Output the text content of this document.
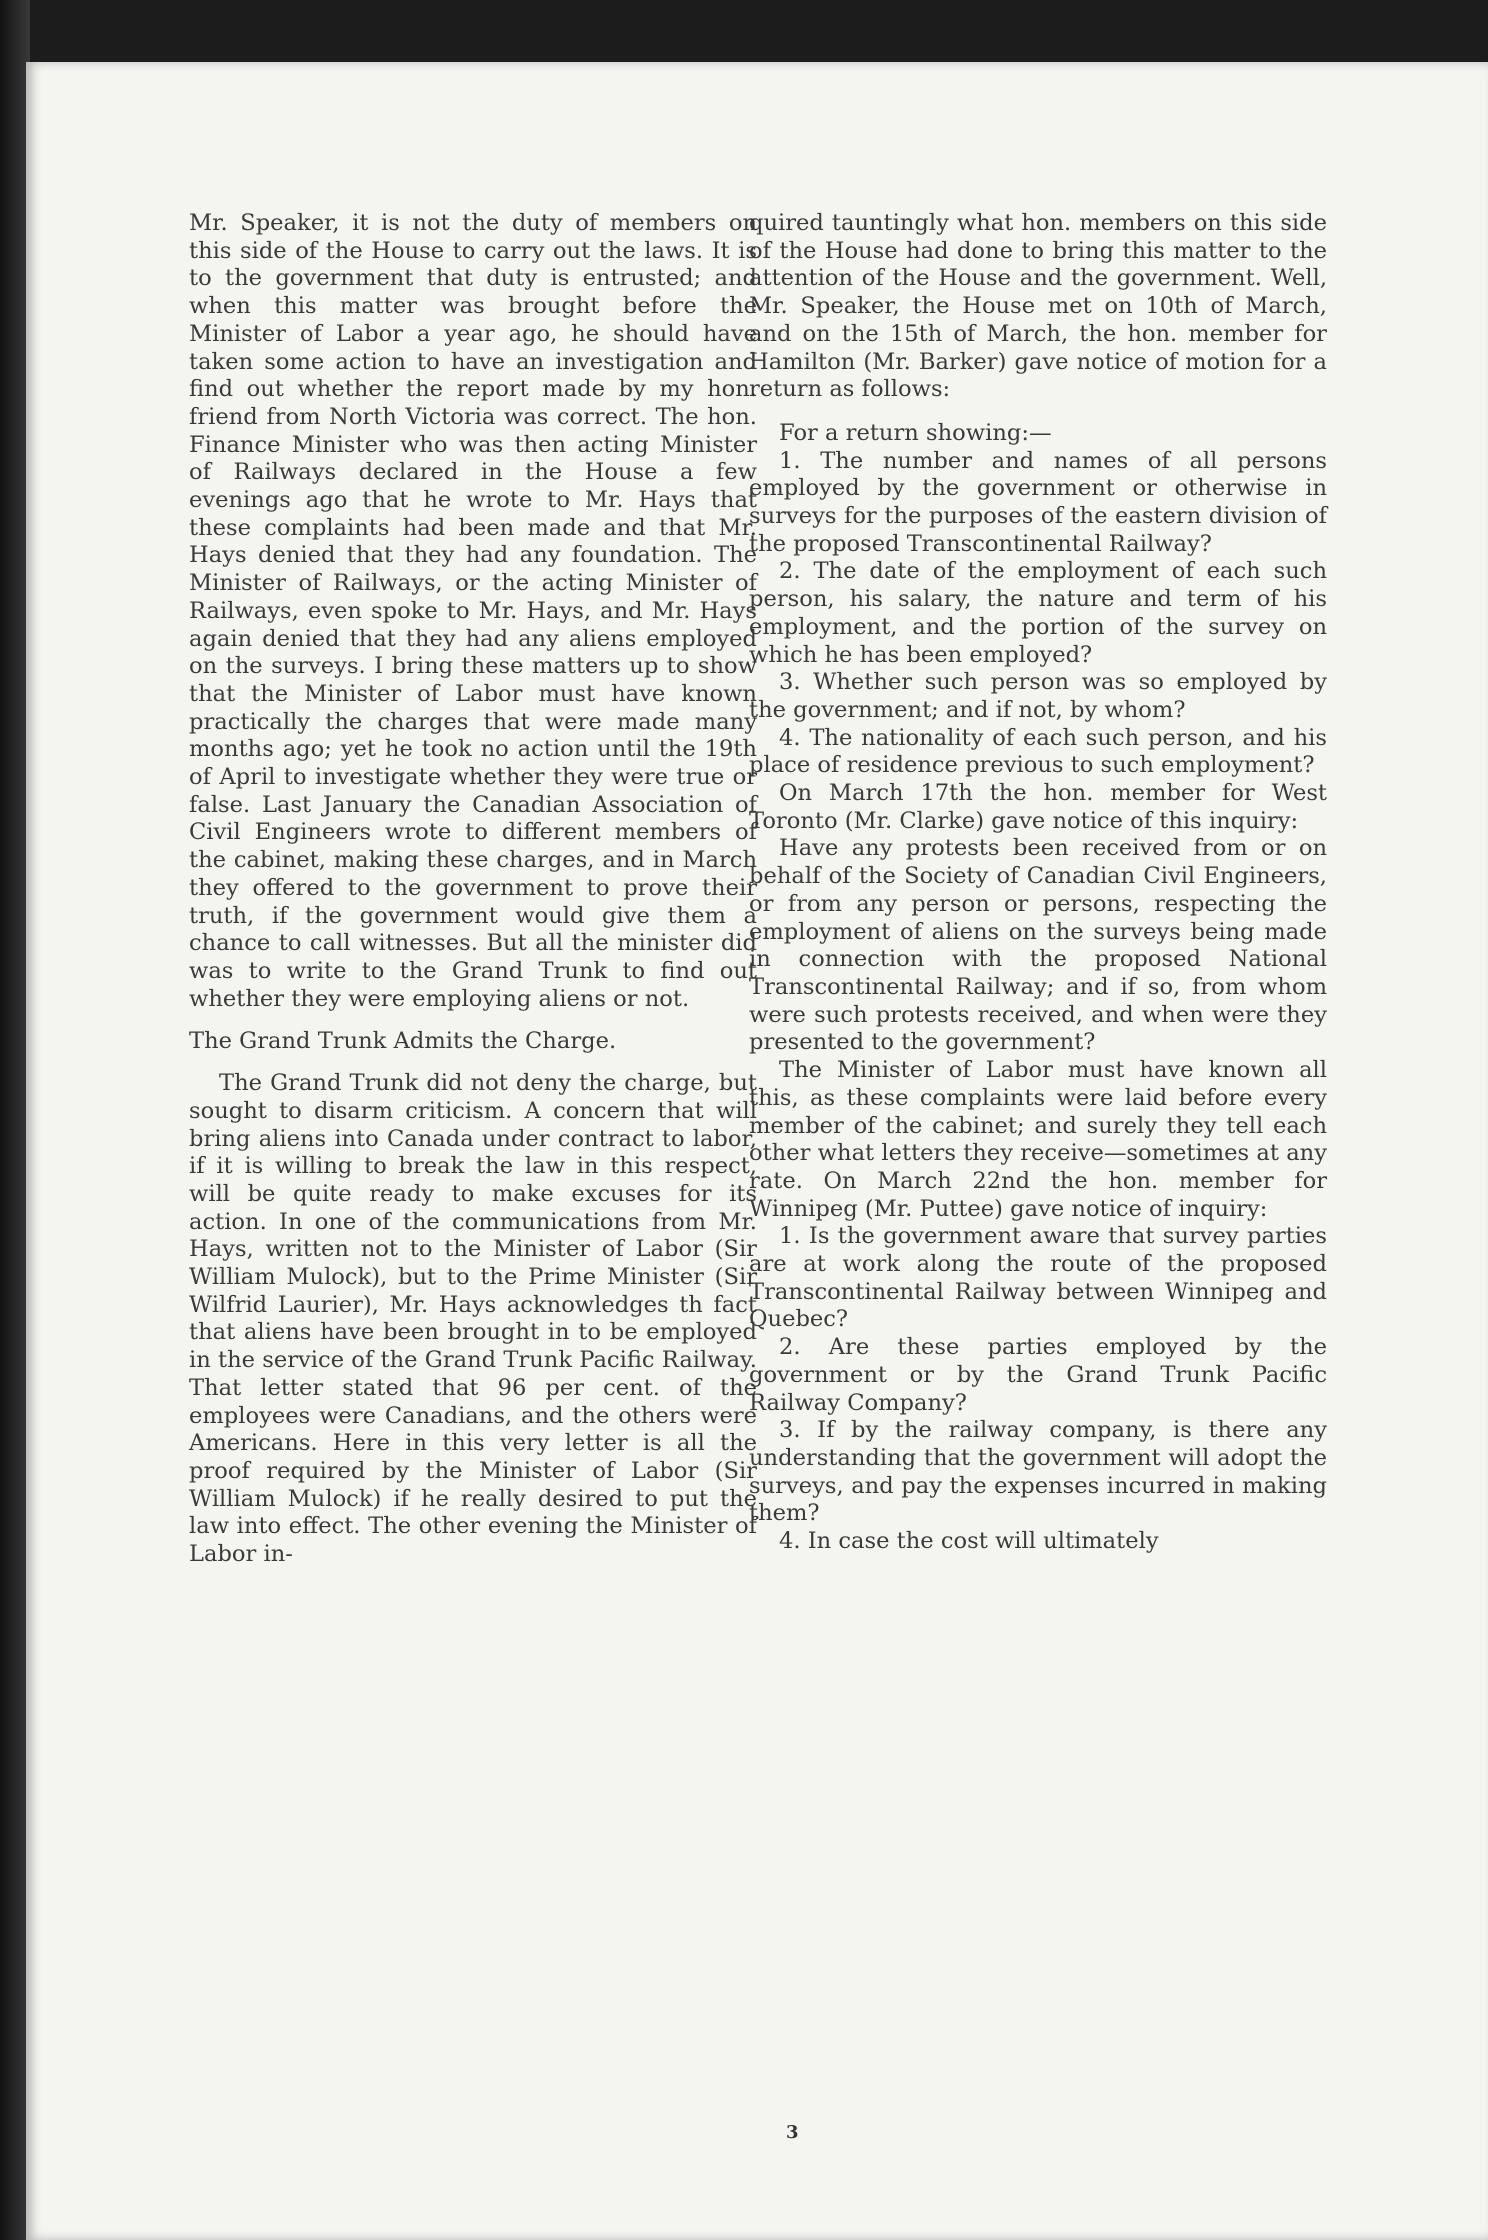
Mr. Speaker, it is not the duty of members on this side of the House to carry out the laws. It is to the government that duty is entrusted; and when this matter was brought before the Minister of Labor a year ago, he should have taken some action to have an investigation and find out whether the report made by my hon. friend from North Victoria was correct. The hon. Finance Minister who was then acting Minister of Railways declared in the House a few evenings ago that he wrote to Mr. Hays that these complaints had been made and that Mr. Hays denied that they had any foundation. The Minister of Railways, or the acting Minister of Railways, even spoke to Mr. Hays, and Mr. Hays again denied that they had any aliens employed on the surveys. I bring these matters up to show that the Minister of Labor must have known practically the charges that were made many months ago; yet he took no action until the 19th of April to investigate whether they were true or false. Last January the Canadian Association of Civil Engineers wrote to different members of the cabinet, making these charges, and in March they offered to the government to prove their truth, if the government would give them a chance to call witnesses. But all the minister did was to write to the Grand Trunk to find out whether they were employing aliens or not.

The Grand Trunk Admits the Charge.

The Grand Trunk did not deny the charge, but sought to disarm criticism. A concern that will bring aliens into Canada under contract to labor, if it is willing to break the law in this respect, will be quite ready to make excuses for its action. In one of the communications from Mr. Hays, written not to the Minister of Labor (Sir William Mulock), but to the Prime Minister (Sir Wilfrid Laurier), Mr. Hays acknowledges th fact that aliens have been brought in to be employed in the service of the Grand Trunk Pacific Railway. That letter stated that 96 per cent. of the employees were Canadians, and the others were Americans. Here in this very letter is all the proof required by the Minister of Labor (Sir William Mulock) if he really desired to put the law into effect. The other evening the Minister of Labor in-

quired tauntingly what hon. members on this side of the House had done to bring this matter to the attention of the House and the government. Well, Mr. Speaker, the House met on 10th of March, and on the 15th of March, the hon. member for Hamilton (Mr. Barker) gave notice of motion for a return as follows:

For a return showing:—

1. The number and names of all persons employed by the government or otherwise in surveys for the purposes of the eastern division of the proposed Transcontinental Railway?

2. The date of the employment of each such person, his salary, the nature and term of his employment, and the portion of the survey on which he has been employed?

3. Whether such person was so employed by the government; and if not, by whom?

4. The nationality of each such person, and his place of residence previous to such employment?

On March 17th the hon. member for West Toronto (Mr. Clarke) gave notice of this inquiry:

Have any protests been received from or on behalf of the Society of Canadian Civil Engineers, or from any person or persons, respecting the employment of aliens on the surveys being made in connection with the proposed National Transcontinental Railway; and if so, from whom were such protests received, and when were they presented to the government?

The Minister of Labor must have known all this, as these complaints were laid before every member of the cabinet; and surely they tell each other what letters they receive—sometimes at any rate. On March 22nd the hon. member for Winnipeg (Mr. Puttee) gave notice of inquiry:

1. Is the government aware that survey parties are at work along the route of the proposed Transcontinental Railway between Winnipeg and Quebec?

2. Are these parties employed by the government or by the Grand Trunk Pacific Railway Company?

3. If by the railway company, is there any understanding that the government will adopt the surveys, and pay the expenses incurred in making them?

4. In case the cost will ultimately

3
